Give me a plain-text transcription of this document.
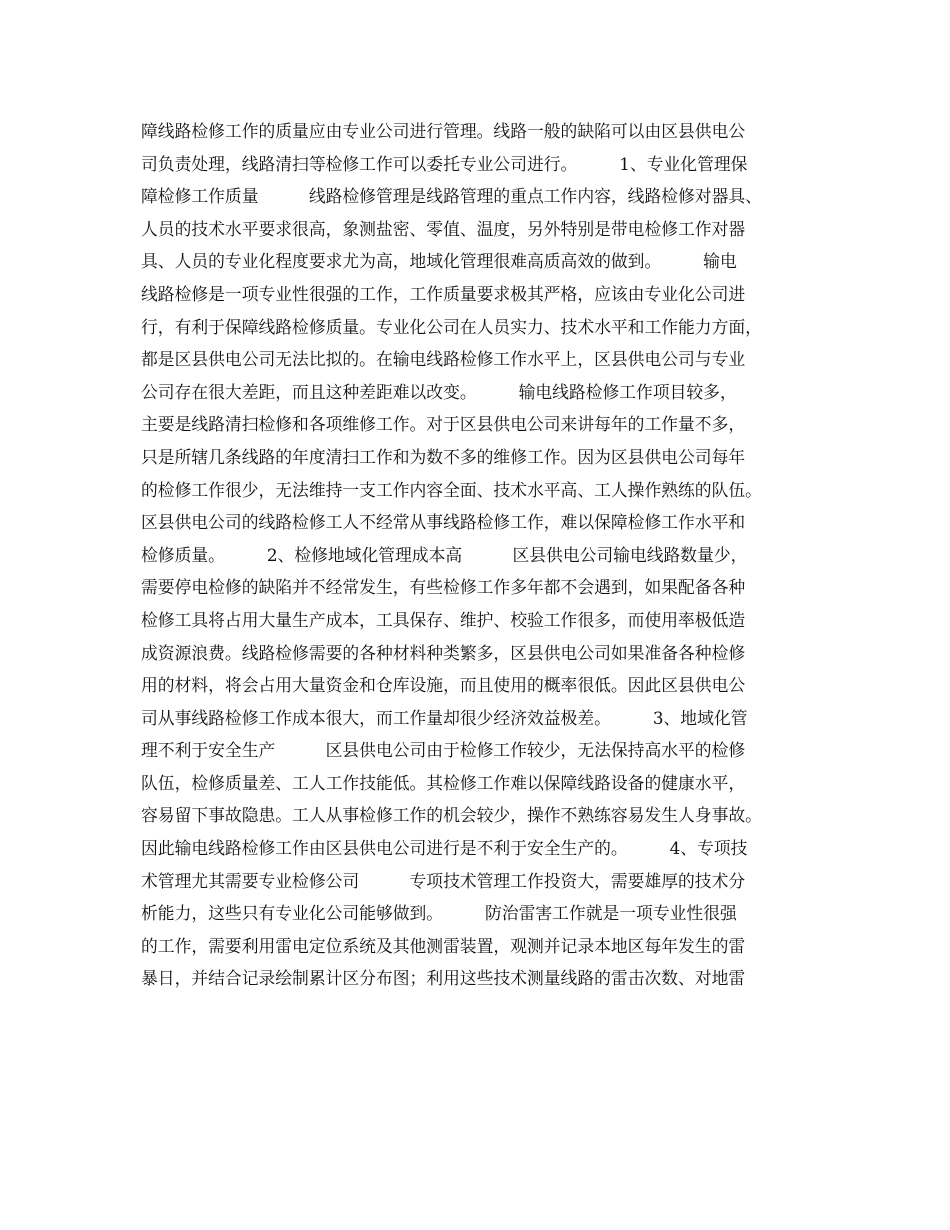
障线路检修工作的质量应由专业公司进行管理。线路一般的缺陷可以由区县供电公
司负责处理，线路清扫等检修工作可以委托专业公司进行。　　　1、专业化管理保
障检修工作质量　　　线路检修管理是线路管理的重点工作内容，线路检修对器具、
人员的技术水平要求很高，象测盐密、零值、温度，另外特别是带电检修工作对器
具、人员的专业化程度要求尤为高，地域化管理很难高质高效的做到。　　　输电
线路检修是一项专业性很强的工作，工作质量要求极其严格，应该由专业化公司进
行，有利于保障线路检修质量。专业化公司在人员实力、技术水平和工作能力方面，
都是区县供电公司无法比拟的。在输电线路检修工作水平上，区县供电公司与专业
公司存在很大差距，而且这种差距难以改变。　　　输电线路检修工作项目较多，
主要是线路清扫检修和各项维修工作。对于区县供电公司来讲每年的工作量不多，
只是所辖几条线路的年度清扫工作和为数不多的维修工作。因为区县供电公司每年
的检修工作很少，无法维持一支工作内容全面、技术水平高、工人操作熟练的队伍。
区县供电公司的线路检修工人不经常从事线路检修工作，难以保障检修工作水平和
检修质量。　　　2、检修地域化管理成本高　　　区县供电公司输电线路数量少，
需要停电检修的缺陷并不经常发生，有些检修工作多年都不会遇到，如果配备各种
检修工具将占用大量生产成本，工具保存、维护、校验工作很多，而使用率极低造
成资源浪费。线路检修需要的各种材料种类繁多，区县供电公司如果准备各种检修
用的材料，将会占用大量资金和仓库设施，而且使用的概率很低。因此区县供电公
司从事线路检修工作成本很大，而工作量却很少经济效益极差。　　　3、地域化管
理不利于安全生产　　　区县供电公司由于检修工作较少，无法保持高水平的检修
队伍，检修质量差、工人工作技能低。其检修工作难以保障线路设备的健康水平，
容易留下事故隐患。工人从事检修工作的机会较少，操作不熟练容易发生人身事故。
因此输电线路检修工作由区县供电公司进行是不利于安全生产的。　　　4、专项技
术管理尤其需要专业检修公司　　　专项技术管理工作投资大，需要雄厚的技术分
析能力，这些只有专业化公司能够做到。　　　防治雷害工作就是一项专业性很强
的工作，需要利用雷电定位系统及其他测雷装置，观测并记录本地区每年发生的雷
暴日，并结合记录绘制累计区分布图；利用这些技术测量线路的雷击次数、对地雷
